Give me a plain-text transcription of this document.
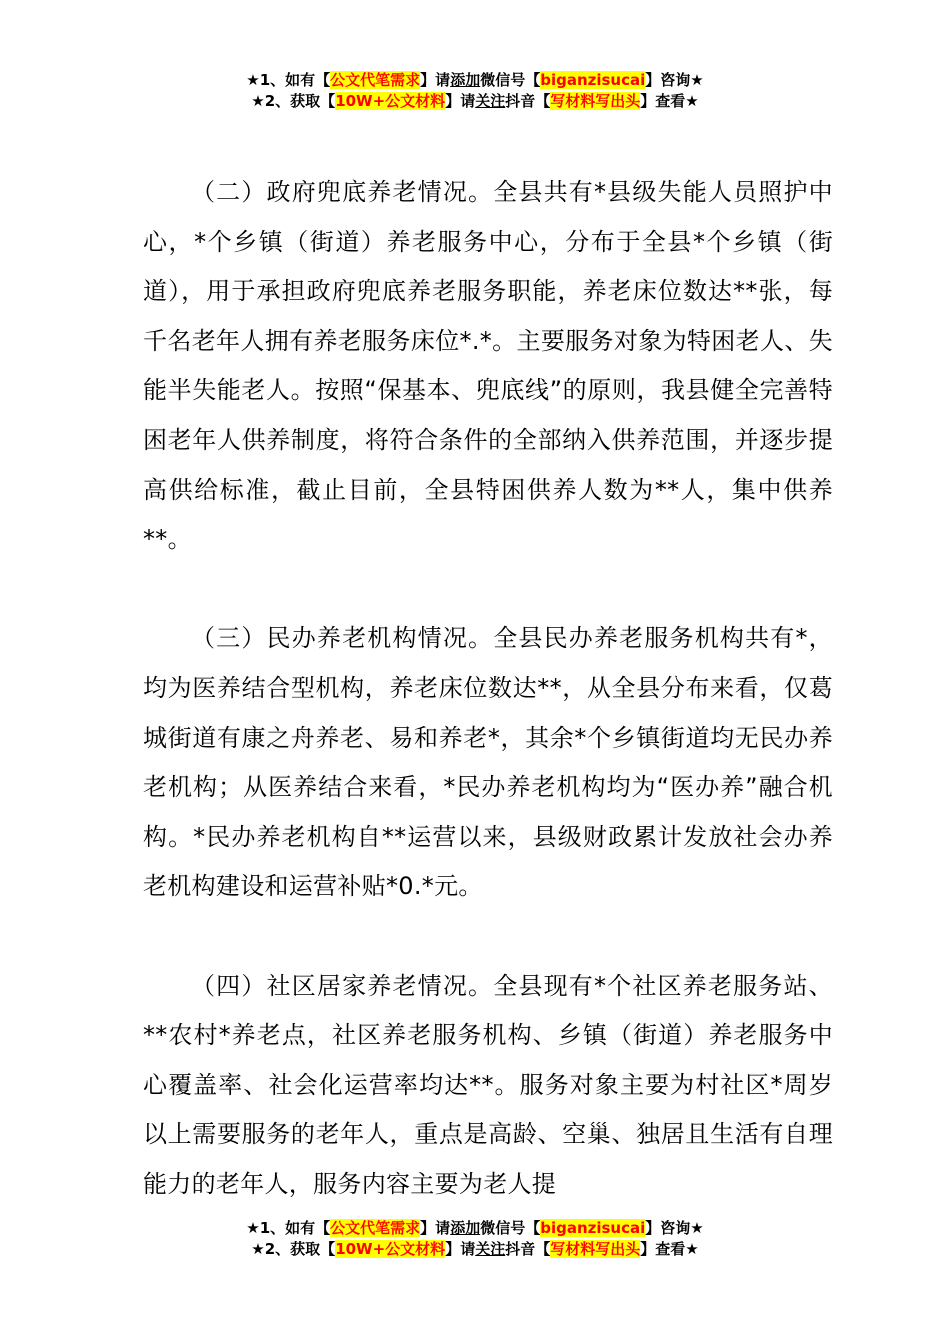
★1、如有【公文代笔需求】请添加微信号【biganzisucai】咨询★
★2、获取【10W+公文材料】请关注抖音【写材料写出头】查看★

（二）政府兜底养老情况。全县共有*县级失能人员照护中心，*个乡镇（街道）养老服务中心，分布于全县*个乡镇（街道），用于承担政府兜底养老服务职能，养老床位数达**张，每千名老年人拥有养老服务床位*.*。主要服务对象为特困老人、失能半失能老人。按照“保基本、兜底线”的原则，我县健全完善特困老年人供养制度，将符合条件的全部纳入供养范围，并逐步提高供给标准，截止目前，全县特困供养人数为**人，集中供养**。

（三）民办养老机构情况。全县民办养老服务机构共有*，均为医养结合型机构，养老床位数达**，从全县分布来看，仅葛城街道有康之舟养老、易和养老*，其余*个乡镇街道均无民办养老机构；从医养结合来看，*民办养老机构均为“医办养”融合机构。*民办养老机构自**运营以来，县级财政累计发放社会办养老机构建设和运营补贴*0.*元。

（四）社区居家养老情况。全县现有*个社区养老服务站、**农村*养老点，社区养老服务机构、乡镇（街道）养老服务中心覆盖率、社会化运营率均达**。服务对象主要为村社区*周岁以上需要服务的老年人，重点是高龄、空巢、独居且生活有自理能力的老年人，服务内容主要为老人提

★1、如有【公文代笔需求】请添加微信号【biganzisucai】咨询★
★2、获取【10W+公文材料】请关注抖音【写材料写出头】查看★
